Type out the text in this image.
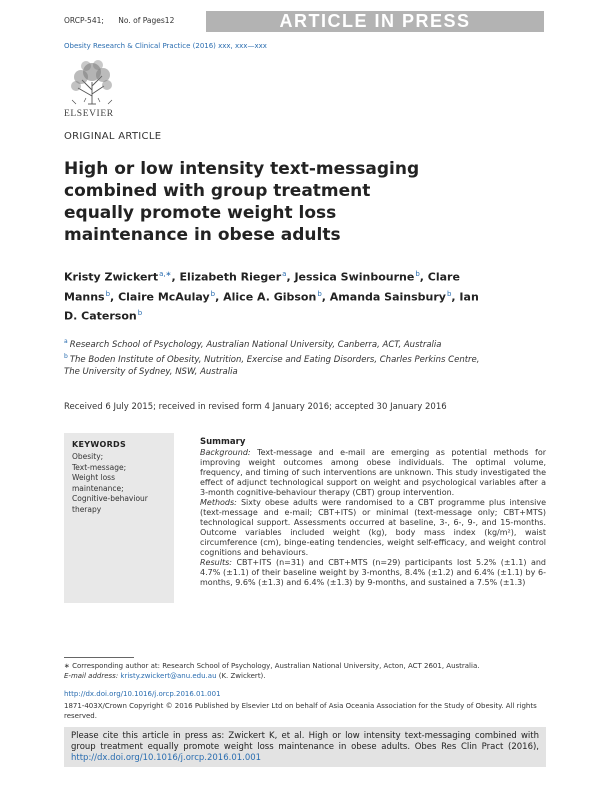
ORCP-541; No. of Pages12	ARTICLE IN PRESS
Obesity Research & Clinical Practice (2016) xxx, xxx—xxx
ELSEVIER
ORIGINAL ARTICLE
High or low intensity text-messaging combined with group treatment equally promote weight loss maintenance in obese adults
Kristy Zwickert$^{a,∗}$, Elizabeth Rieger$^a$, Jessica Swinbourne$^b$, Clare Manns$^b$, Claire McAulay$^b$, Alice A. Gibson$^b$, Amanda Sainsbury$^b$, Ian D. Caterson$^b$

$^a$ Research School of Psychology, Australian National University, Canberra, ACT, Australia

$^b$ The Boden Institute of Obesity, Nutrition, Exercise and Eating Disorders, Charles Perkins Centre, The University of Sydney, NSW, Australia

Received 6 July 2015; received in revised form 4 January 2016; accepted 30 January 2016
KEYWORDS
Obesity;
Text-message;
Weight loss
maintenance;
Cognitive-behaviour
therapy
Summary

Background: Text-message and e-mail are emerging as potential methods for improving weight outcomes among obese individuals. The optimal volume, frequency, and timing of such interventions are unknown. This study investigated the effect of adjunct technological support on weight and psychological variables after a 3-month cognitive-behaviour therapy (CBT) group intervention.

Methods: Sixty obese adults were randomised to a CBT programme plus intensive (text-message and e-mail; CBT+ITS) or minimal (text-message only; CBT+MTS) technological support. Assessments occurred at baseline, 3-, 6-, 9-, and 15-months. Outcome variables included weight (kg), body mass index (kg/m²), waist circumference (cm), binge-eating tendencies, weight self-efficacy, and weight control cognitions and behaviours.

Results: CBT+ITS (n=31) and CBT+MTS (n=29) participants lost 5.2% (±1.1) and 4.7% (±1.1) of their baseline weight by 3-months, 8.4% (±1.2) and 6.4% (±1.1) by 6-months, 9.6% (±1.3) and 6.4% (±1.3) by 9-months, and sustained a 7.5% (±1.3)

∗ Corresponding author at: Research School of Psychology, Australian National University, Acton, ACT 2601, Australia.
E-mail address: kristy.zwickert@anu.edu.au (K. Zwickert).
http://dx.doi.org/10.1016/j.orcp.2016.01.001
1871-403X/Crown Copyright © 2016 Published by Elsevier Ltd on behalf of Asia Oceania Association for the Study of Obesity. All rights reserved.
Please cite this article in press as: Zwickert K, et al. High or low intensity text-messaging combined with group treatment equally promote weight loss maintenance in obese adults. Obes Res Clin Pract (2016), http://dx.doi.org/10.1016/j.orcp.2016.01.001
